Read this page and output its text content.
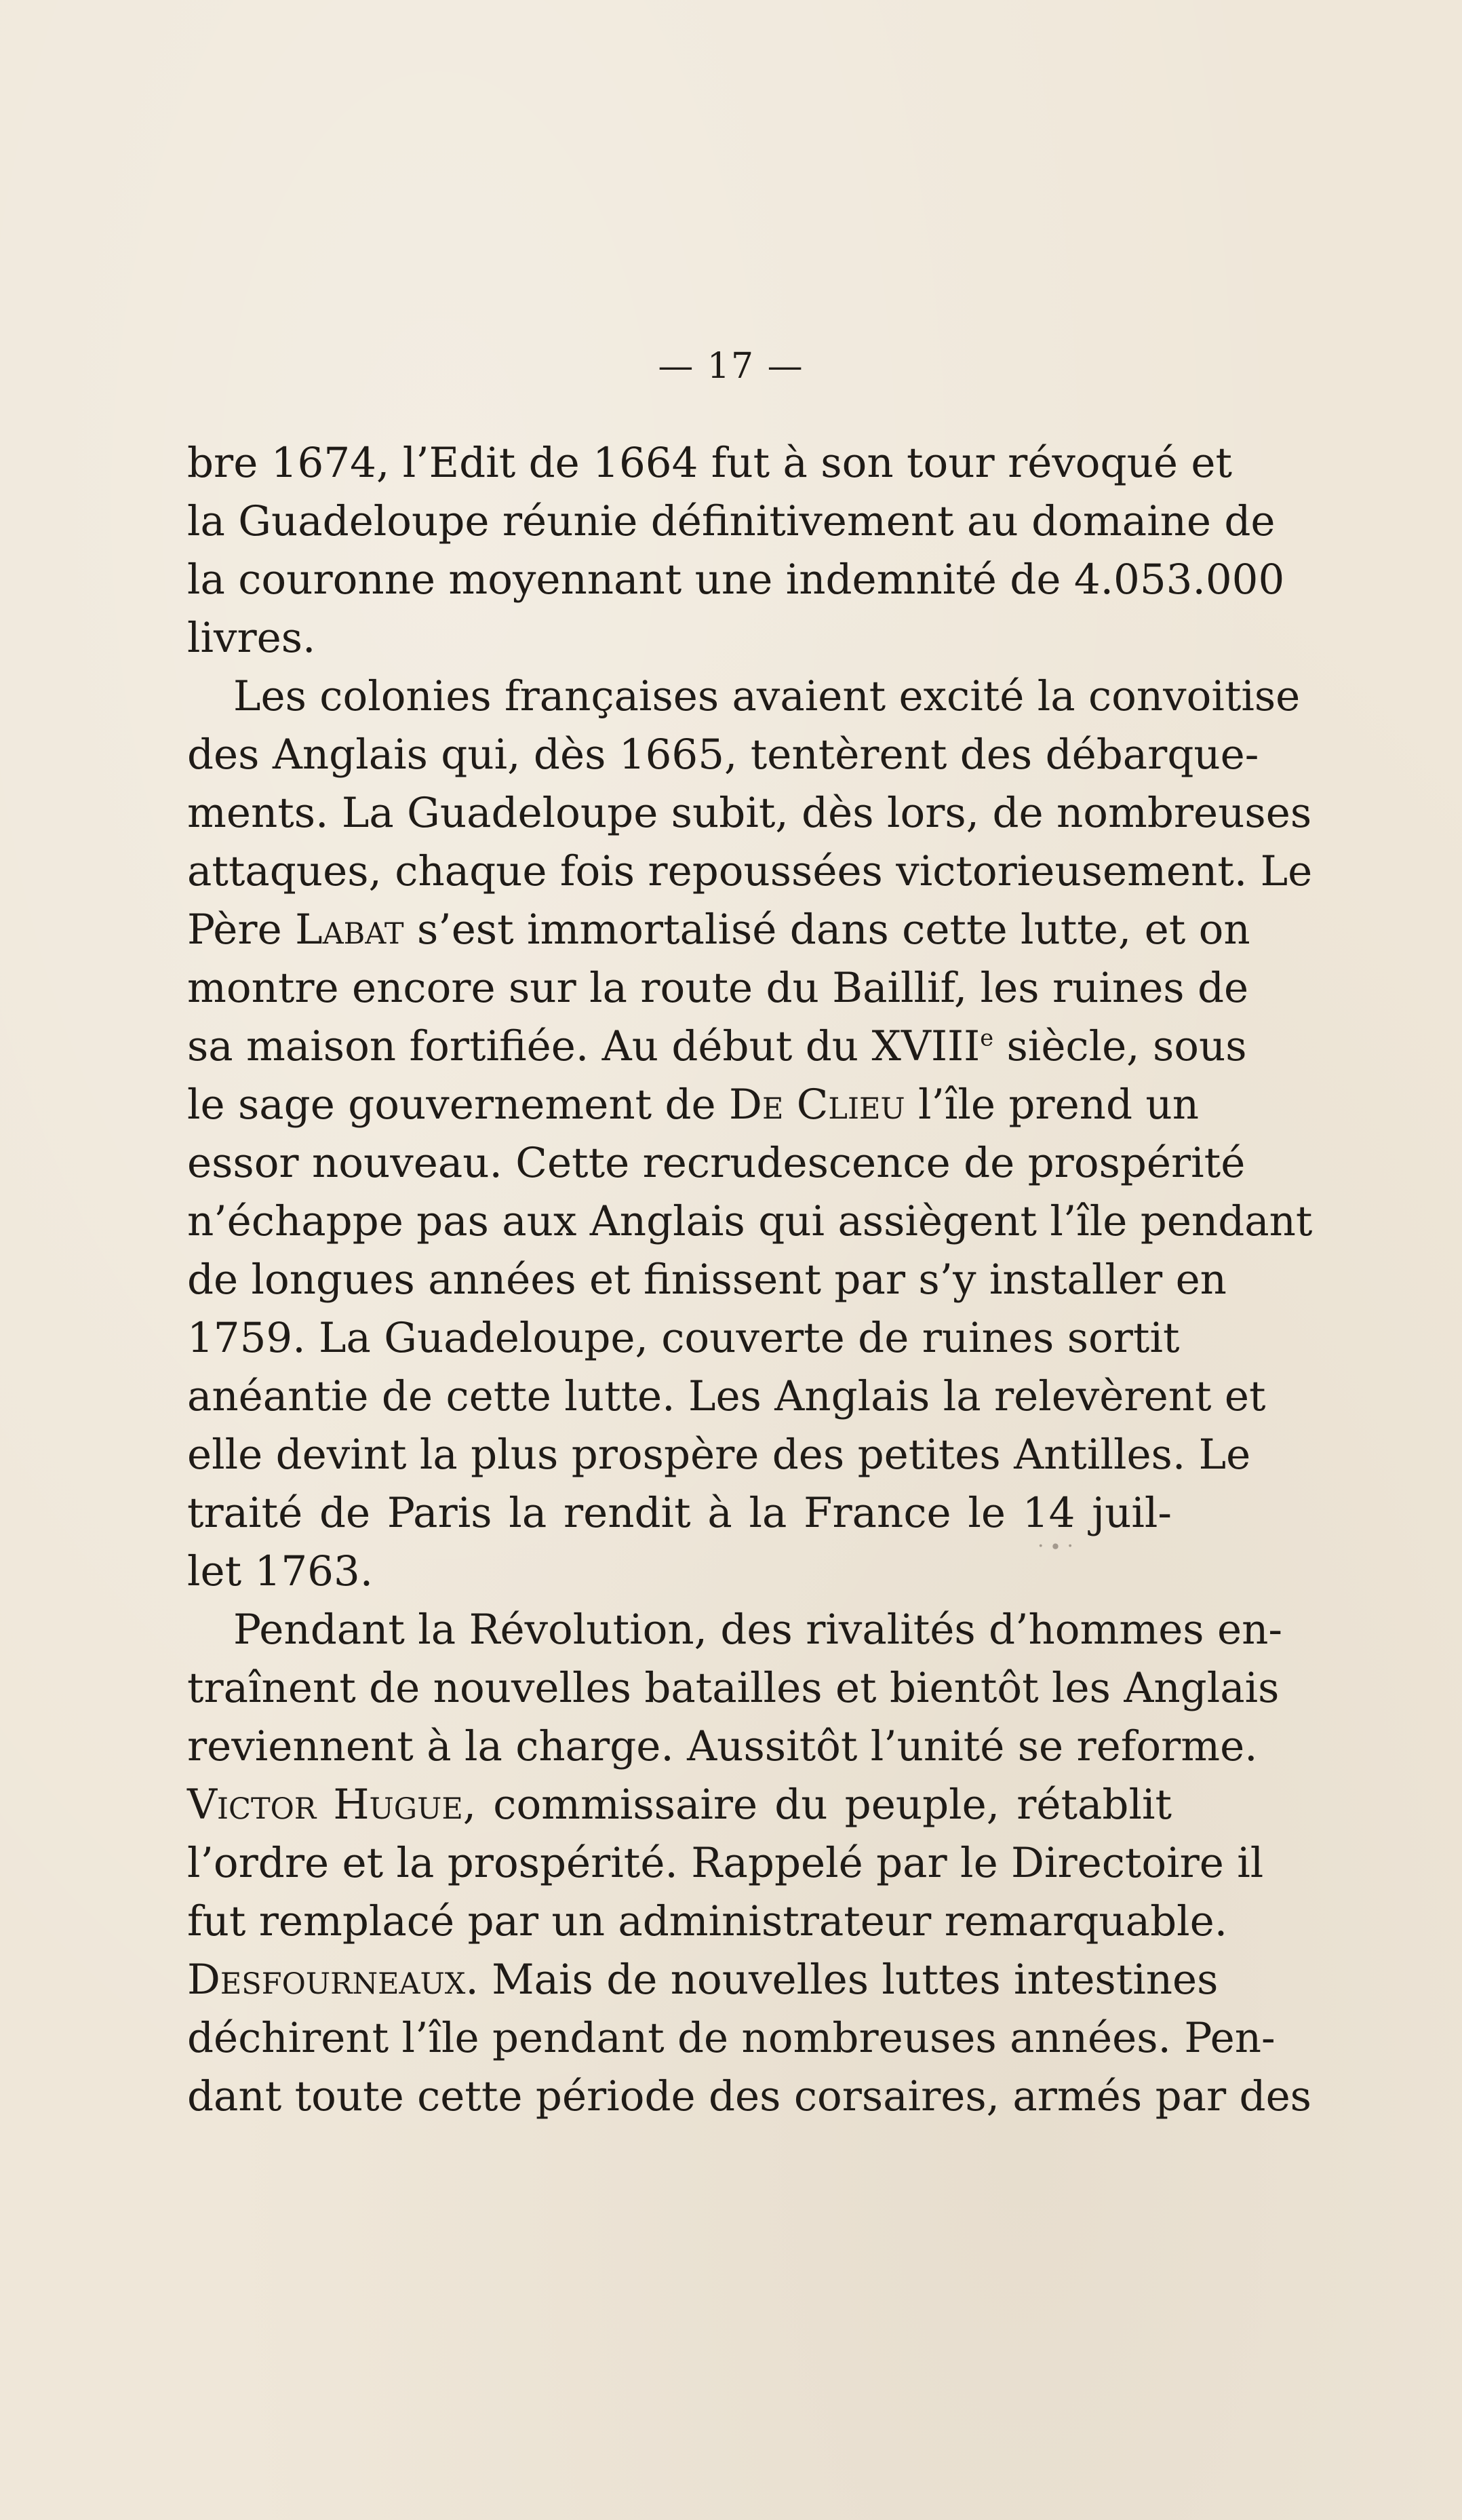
— 17 —

bre 1674, l’Edit de 1664 fut à son tour révoqué et
la Guadeloupe réunie définitivement au domaine de
la couronne moyennant une indemnité de 4.053.000
livres.

Les colonies françaises avaient excité la convoitise
des Anglais qui, dès 1665, tentèrent des débarque-
ments. La Guadeloupe subit, dès lors, de nombreuses
attaques, chaque fois repoussées victorieusement. Le
Père Labat s’est immortalisé dans cette lutte, et on
montre encore sur la route du Baillif, les ruines de
sa maison fortifiée. Au début du XVIIIe siècle, sous
le sage gouvernement de De Clieu l’île prend un
essor nouveau. Cette recrudescence de prospérité
n’échappe pas aux Anglais qui assiègent l’île pendant
de longues années et finissent par s’y installer en
1759. La Guadeloupe, couverte de ruines sortit
anéantie de cette lutte. Les Anglais la relevèrent et
elle devint la plus prospère des petites Antilles. Le
traité de Paris la rendit à la France le 14 juil-
let 1763.

Pendant la Révolution, des rivalités d’hommes en-
traînent de nouvelles batailles et bientôt les Anglais
reviennent à la charge. Aussitôt l’unité se reforme.
Victor Hugue, commissaire du peuple, rétablit
l’ordre et la prospérité. Rappelé par le Directoire il
fut remplacé par un administrateur remarquable.
Desfourneaux. Mais de nouvelles luttes intestines
déchirent l’île pendant de nombreuses années. Pen-
dant toute cette période des corsaires, armés par des

· ∙ ·
